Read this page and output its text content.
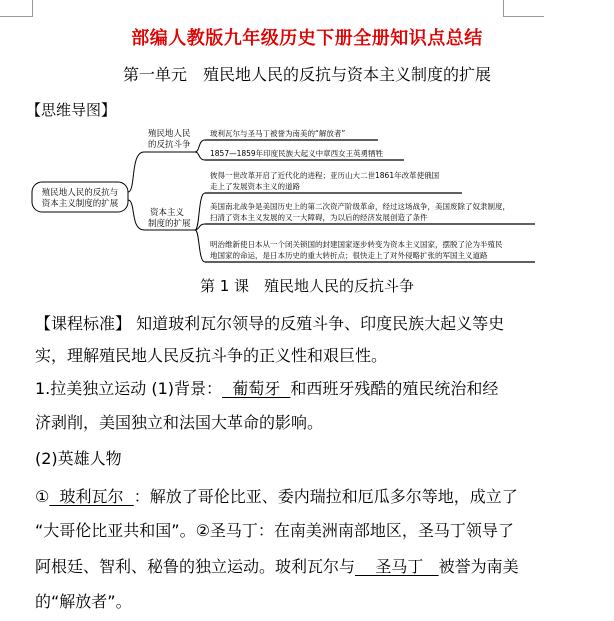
部编人教版九年级历史下册全册知识点总结
第一单元　殖民地人民的反抗与资本主义制度的扩展
【思维导图】
殖民地人民的反抗与
资本主义制度的扩展
殖民地人民
的反抗斗争
资本主义
制度的扩展
玻利瓦尔与圣马丁被誉为南美的“解放者”
1857—1859年印度民族大起义中章西女王英勇牺牲
彼得一世改革开启了近代化的进程；亚历山大二世1861年改革使俄国
走上了发展资本主义的道路
美国南北战争是美国历史上的第二次资产阶级革命，经过这场战争，美国废除了奴隶制度，
扫清了资本主义发展的又一大障碍，为以后的经济发展创造了条件
明治维新使日本从一个闭关锁国的封建国家逐步转变为资本主义国家，摆脱了沦为半殖民
地国家的命运，是日本历史的重大转折点；很快走上了对外侵略扩张的军国主义道路
第 1 课　殖民地人民的反抗斗争
【课程标准】 知道玻利瓦尔领导的反殖斗争、印度民族大起义等史
实，理解殖民地人民反抗斗争的正义性和艰巨性。
1.拉美独立运动 (1)背景：  葡萄牙  和西班牙残酷的殖民统治和经
济剥削，美国独立和法国大革命的影响。
(2)英雄人物
①  玻利瓦尔  ：解放了哥伦比亚、委内瑞拉和厄瓜多尔等地，成立了
“大哥伦比亚共和国”。②圣马丁：在南美洲南部地区，圣马丁领导了
阿根廷、智利、秘鲁的独立运动。玻利瓦尔与    圣马丁   被誉为南美
的“解放者”。
